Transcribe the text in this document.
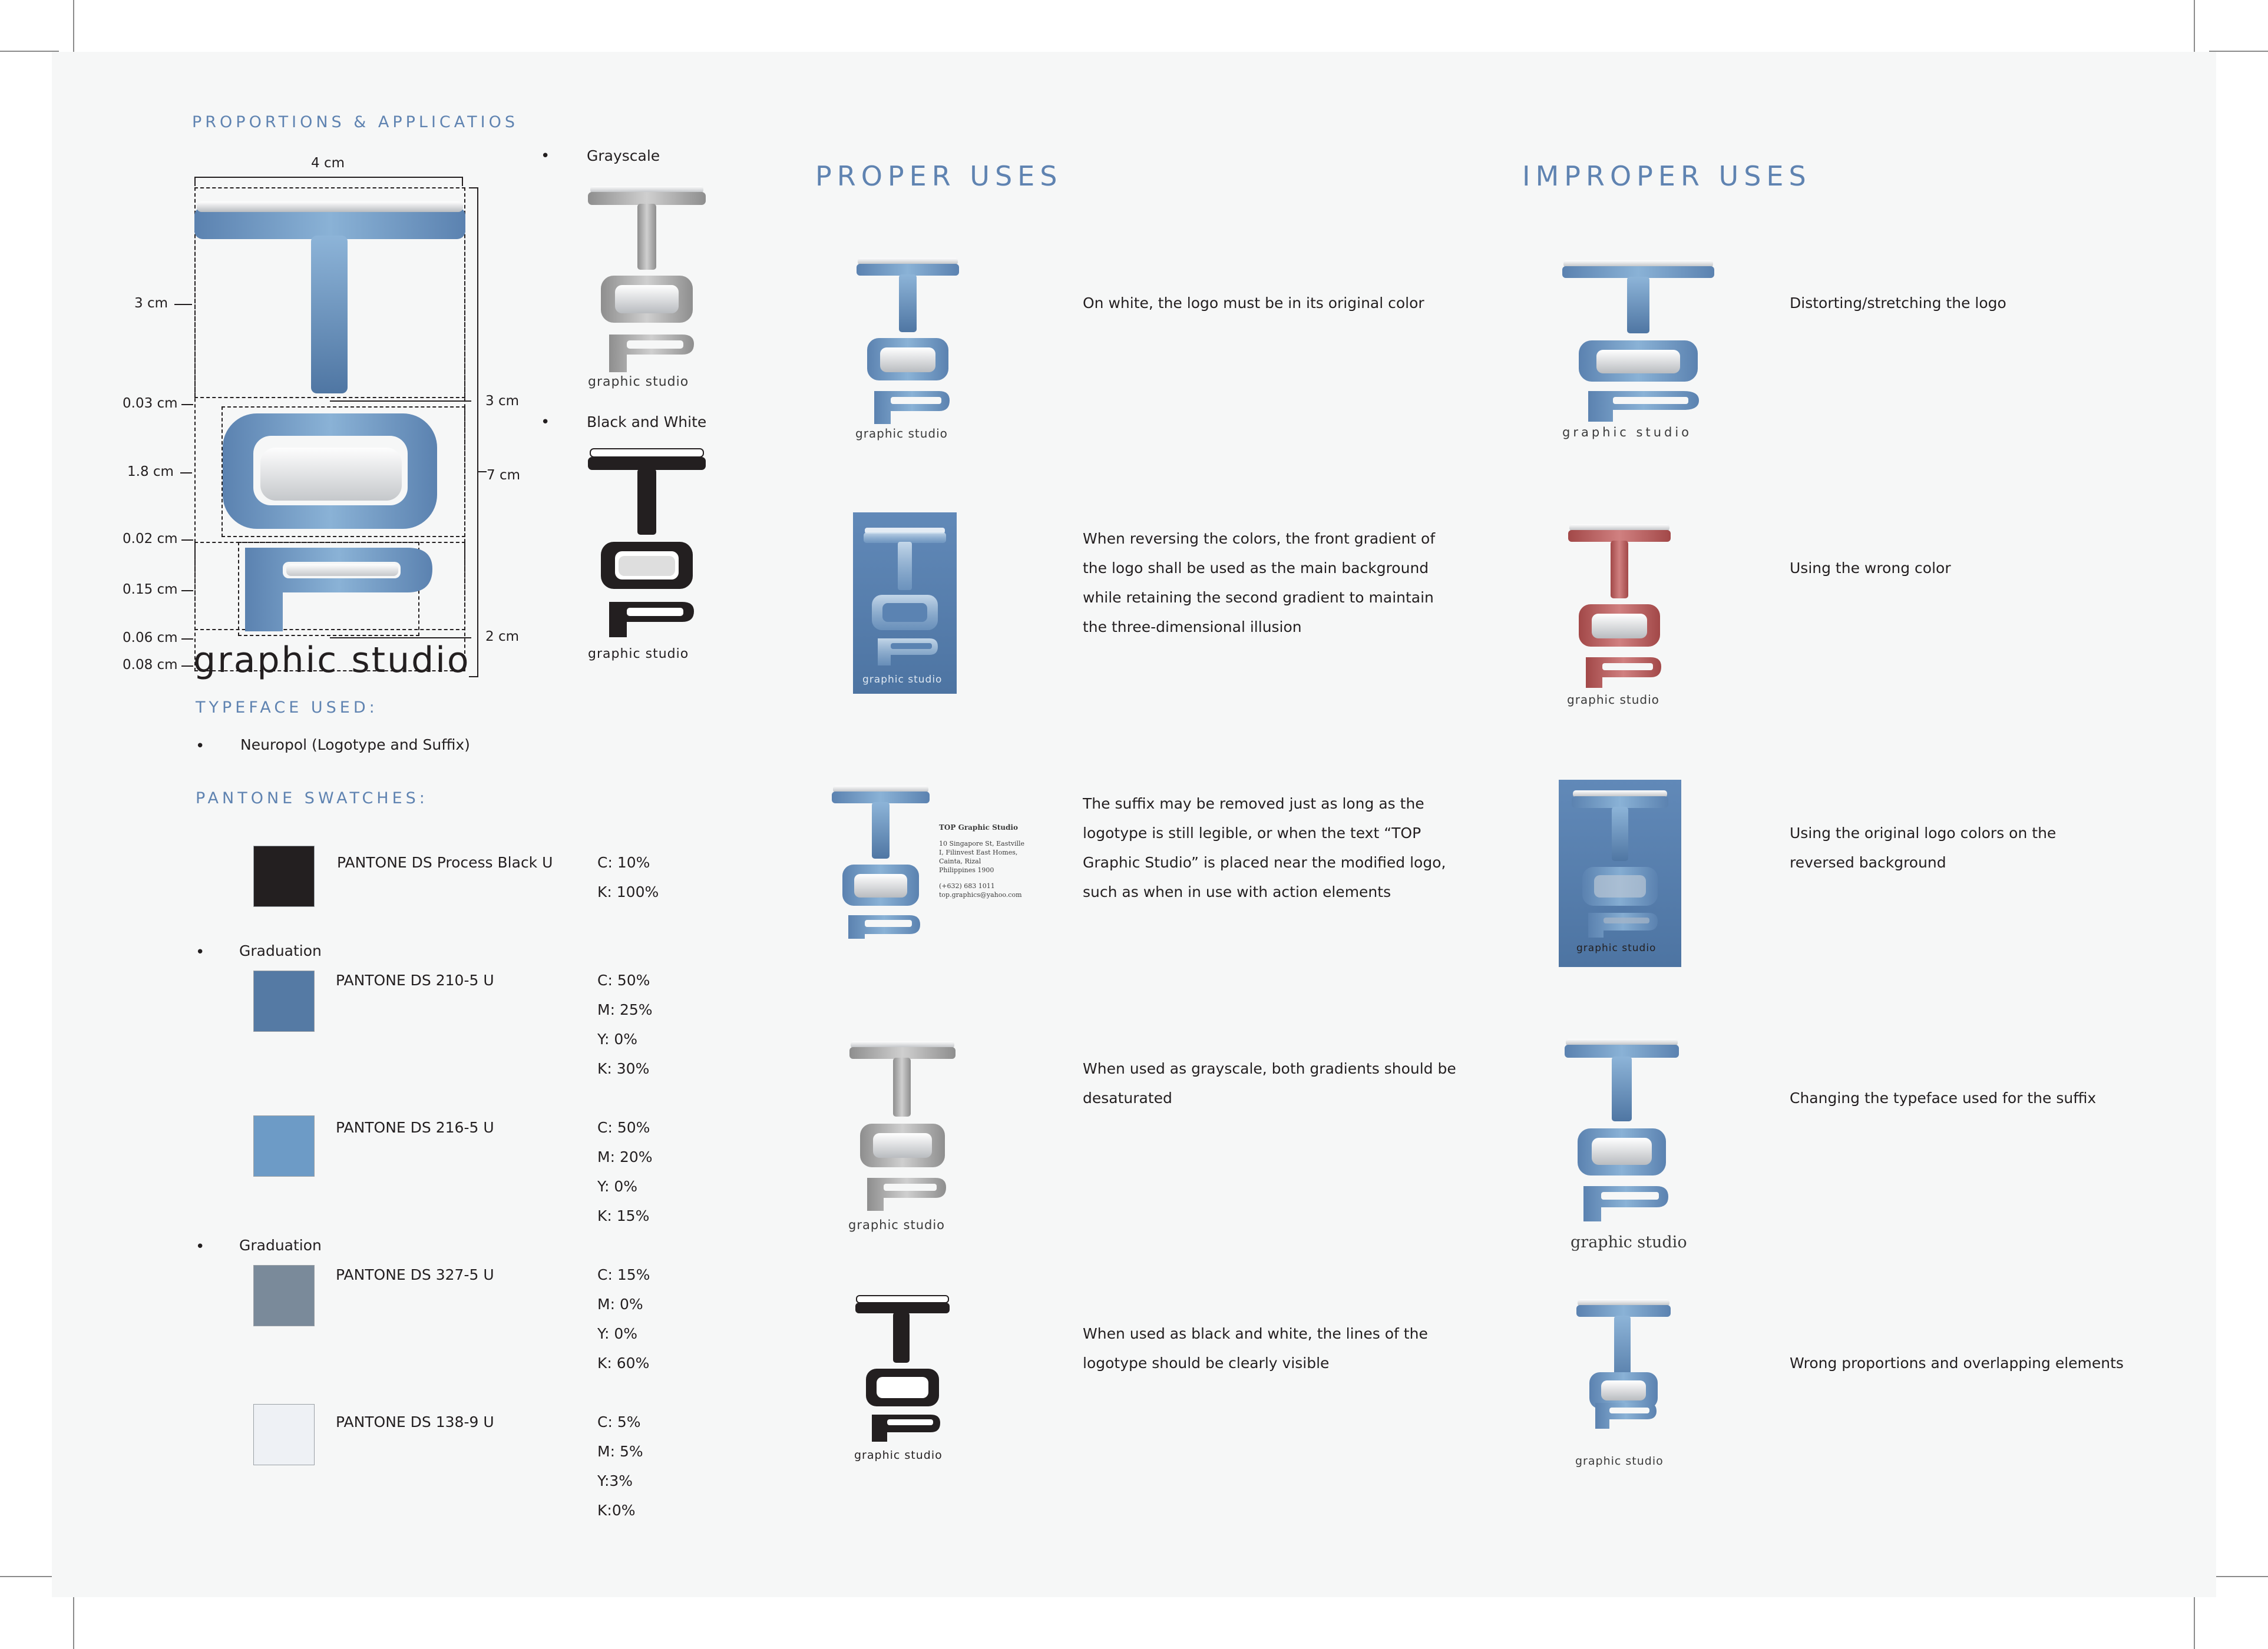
PROPORTIONS & APPLICATIOS
4 cm
graphic studio
3 cm
7 cm
2 cm
3 cm
0.03 cm
1.8 cm
0.02 cm
0.15 cm
0.06 cm
0.08 cm
•	Grayscale
graphic studio
•	Black and White
graphic studio
TYPEFACE USED:
• Neuropol (Logotype and Suffix)
PANTONE SWATCHES:
PANTONE DS Process Black U	C: 10%
K: 100%
• Graduation
PANTONE DS 210-5 U	C: 50%
M: 25%
Y: 0%
K: 30%
PANTONE DS 216-5 U	C: 50%
M: 20%
Y: 0%
K: 15%
• Graduation
PANTONE DS 327-5 U	C: 15%
M: 0%
Y: 0%
K: 60%
PANTONE DS 138-9 U	C: 5%
M: 5%
Y:3%
K:0%
PROPER USES
graphic studio
On white, the logo must be in its original color
graphic studio
When reversing the colors, the front gradient of the logo shall be used as the main background while retaining the second gradient to maintain the three-dimensional illusion
TOP Graphic Studio
10 Singapore St, Eastville
I, Filinvest East Homes,
Cainta, Rizal
Philippines 1900
(+632) 683 1011
top.graphics@yahoo.com
The suffix may be removed just as long as the logotype is still legible, or when the text “TOP Graphic Studio” is placed near the modified logo, such as when in use with action elements
graphic studio
When used as grayscale, both gradients should be desaturated
graphic studio
When used as black and white, the lines of the logotype should be clearly visible
IMPROPER USES
graphic studio
Distorting/stretching the logo
graphic studio
Using the wrong color
graphic studio
Using the original logo colors on the reversed background
graphic studio
Changing the typeface used for the suffix
graphic studio
Wrong proportions and overlapping elements
